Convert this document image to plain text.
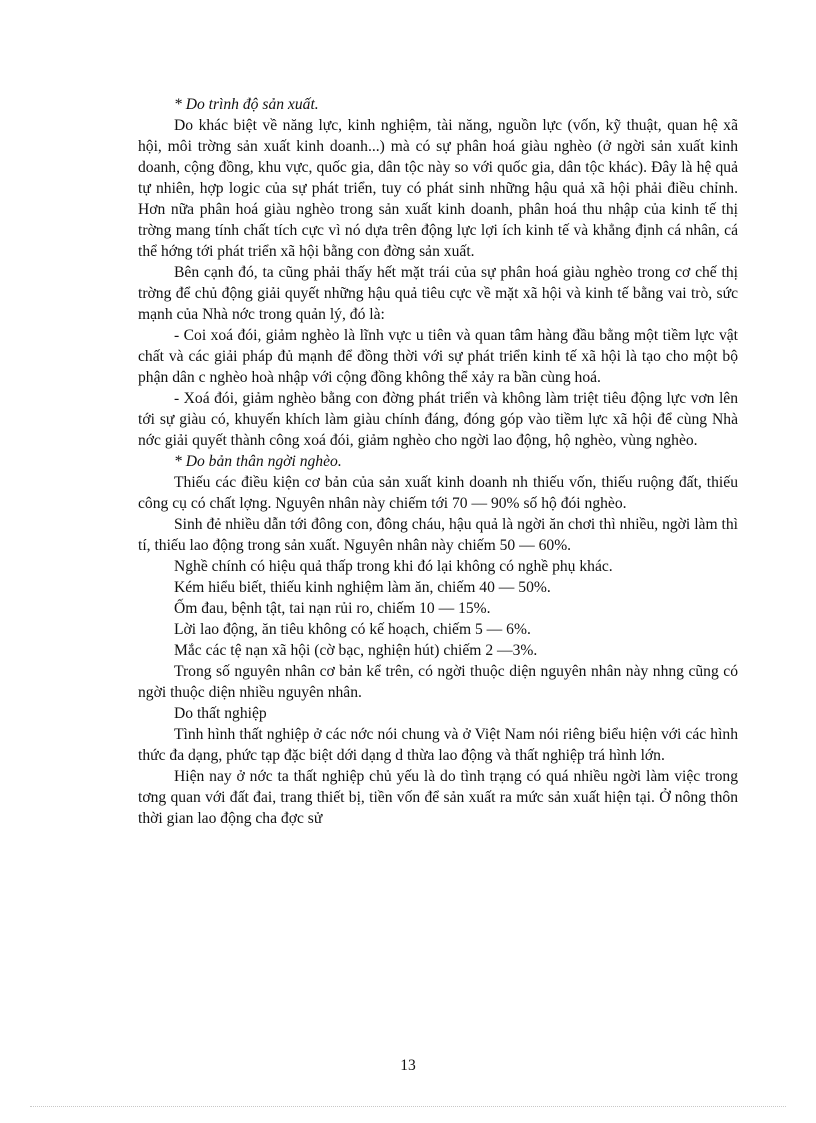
* Do trình độ sản xuất.

Do khác biệt về năng lực, kinh nghiệm, tài năng, nguồn lực (vốn, kỹ thuật, quan hệ xã hội, môi trờng sản xuất kinh doanh...) mà có sự phân hoá giàu nghèo (ở ngời sản xuất kinh doanh, cộng đồng, khu vực, quốc gia, dân tộc này so với quốc gia, dân tộc khác). Đây là hệ quả tự nhiên, hợp logic của sự phát triển, tuy có phát sinh những hậu quả xã hội phải điều chỉnh. Hơn nữa phân hoá giàu nghèo trong sản xuất kinh doanh, phân hoá thu nhập của kinh tế thị trờng mang tính chất tích cực vì nó dựa trên động lực lợi ích kinh tế và khẳng định cá nhân, cá thể hớng tới phát triển xã hội bằng con đờng sản xuất.

Bên cạnh đó, ta cũng phải thấy hết mặt trái của sự phân hoá giàu nghèo trong cơ chế thị trờng để chủ động giải quyết những hậu quả tiêu cực về mặt xã hội và kinh tế bằng vai trò, sức mạnh của Nhà nớc trong quản lý, đó là:

- Coi xoá đói, giảm nghèo là lĩnh vực u tiên và quan tâm hàng đầu bằng một tiềm lực vật chất và các giải pháp đủ mạnh để đồng thời với sự phát triển kinh tế xã hội là tạo cho một bộ phận dân c nghèo hoà nhập với cộng đồng không thể xảy ra bần cùng hoá.

- Xoá đói, giảm nghèo bằng con đờng phát triển và không làm triệt tiêu động lực vơn lên tới sự giàu có, khuyến khích làm giàu chính đáng, đóng góp vào tiềm lực xã hội để cùng Nhà nớc giải quyết thành công xoá đói, giảm nghèo cho ngời lao động, hộ nghèo, vùng nghèo.

* Do bản thân ngời nghèo.

Thiếu các điều kiện cơ bản của sản xuất kinh doanh nh thiếu vốn, thiếu ruộng đất, thiếu công cụ có chất lợng. Nguyên nhân này chiếm tới 70 — 90% số hộ đói nghèo.

Sinh đẻ nhiều dẫn tới đông con, đông cháu, hậu quả là ngời ăn chơi thì nhiều, ngời làm thì tí, thiếu lao động trong sản xuất. Nguyên nhân này chiếm 50 — 60%.

Nghề chính có hiệu quả thấp trong khi đó lại không có nghề phụ khác.

Kém hiểu biết, thiếu kinh nghiệm làm ăn, chiếm 40 — 50%.

Ốm đau, bệnh tật, tai nạn rủi ro, chiếm 10 — 15%.

Lời lao động, ăn tiêu không có kế hoạch, chiếm 5 — 6%.

Mắc các tệ nạn xã hội (cờ bạc, nghiện hút) chiếm 2 —3%.

Trong số nguyên nhân cơ bản kể trên, có ngời thuộc diện nguyên nhân này nhng cũng có ngời thuộc diện nhiều nguyên nhân.

Do thất nghiệp

Tình hình thất nghiệp ở các nớc nói chung và ở Việt Nam nói riêng biểu hiện với các hình thức đa dạng, phức tạp đặc biệt dới dạng d thừa lao động và thất nghiệp trá hình lớn.

Hiện nay ở nớc ta thất nghiệp chủ yếu là do tình trạng có quá nhiều ngời làm việc trong tơng quan với đất đai, trang thiết bị, tiền vốn để sản xuất ra mức sản xuất hiện tại. Ở nông thôn thời gian lao động cha đợc sử

13
